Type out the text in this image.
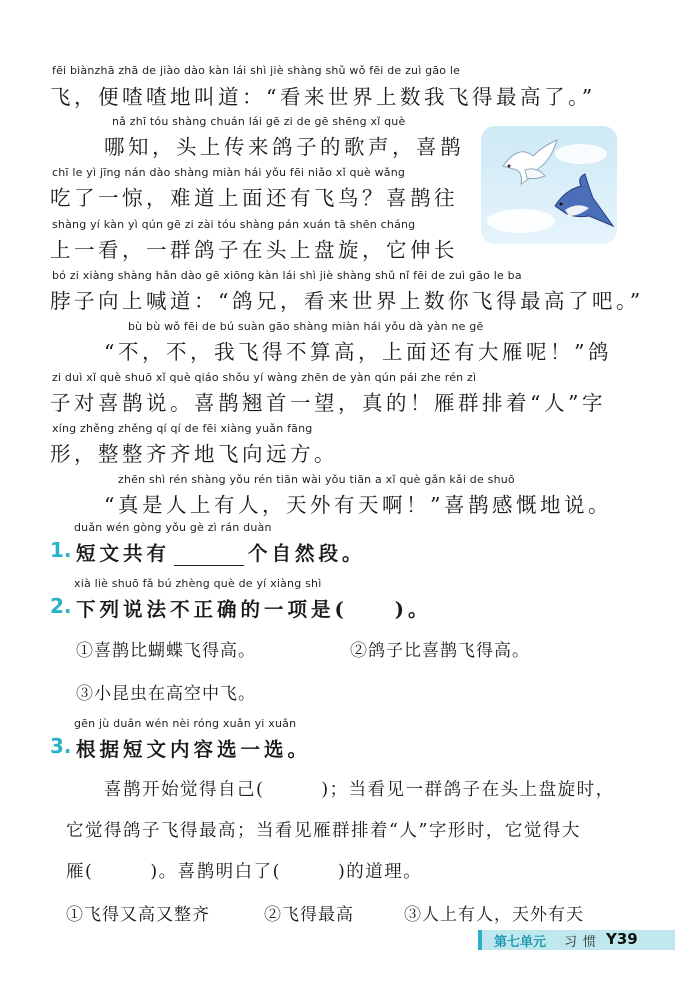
fēi biànzhā zhā de jiào dào kàn lái shì jiè shàng shǔ wǒ fēi de zuì gāo le
飞，便喳喳地叫道：“看来世界上数我飞得最高了。”
nǎ zhī tóu shàng chuán lái gē zi de gē shēng xǐ què
哪知，头上传来鸽子的歌声，喜鹊
chī le yì jīng nán dào shàng miàn hái yǒu fēi niǎo xǐ què wǎng
吃了一惊，难道上面还有飞鸟？喜鹊往
shàng yí kàn yì qún gē zi zài tóu shàng pán xuán tā shēn cháng
上一看，一群鸽子在头上盘旋，它伸长
bó zi xiàng shàng hǎn dào gē xiōng kàn lái shì jiè shàng shǔ nǐ fēi de zuì gāo le ba
脖子向上喊道：“鸽兄，看来世界上数你飞得最高了吧。”
bù bù wǒ fēi de bú suàn gāo shàng miàn hái yǒu dà yàn ne gē
“不，不，我飞得不算高，上面还有大雁呢！”鸽
zi duì xǐ què shuō xǐ què qiáo shǒu yí wàng zhēn de yàn qún pái zhe rén zì
子对喜鹊说。喜鹊翘首一望，真的！雁群排着“人”字
xíng zhěng zhěng qí qí de fēi xiàng yuǎn fāng
形，整整齐齐地飞向远方。
zhēn shì rén shàng yǒu rén tiān wài yǒu tiān a xǐ què gǎn kǎi de shuō
“真是人上有人，天外有天啊！”喜鹊感慨地说。
duǎn wén gòng yǒu gè zì rán duàn
1. 短文共有	个自然段。
xià liè shuō fǎ bú zhèng què de yí xiàng shì
2. 下列说法不正确的一项是(　　)。
①喜鹊比蝴蝶飞得高。	②鸽子比喜鹊飞得高。
③小昆虫在高空中飞。
gēn jù duǎn wén nèi róng xuǎn yi xuǎn
3. 根据短文内容选一选。
喜鹊开始觉得自己(　　　)；当看见一群鸽子在头上盘旋时，
它觉得鸽子飞得最高；当看见雁群排着“人”字形时，它觉得大
雁(　　　)。喜鹊明白了(　　　)的道理。
①飞得又高又整齐	②飞得最高	③人上有人，天外有天
第七单元 习惯 Y39
